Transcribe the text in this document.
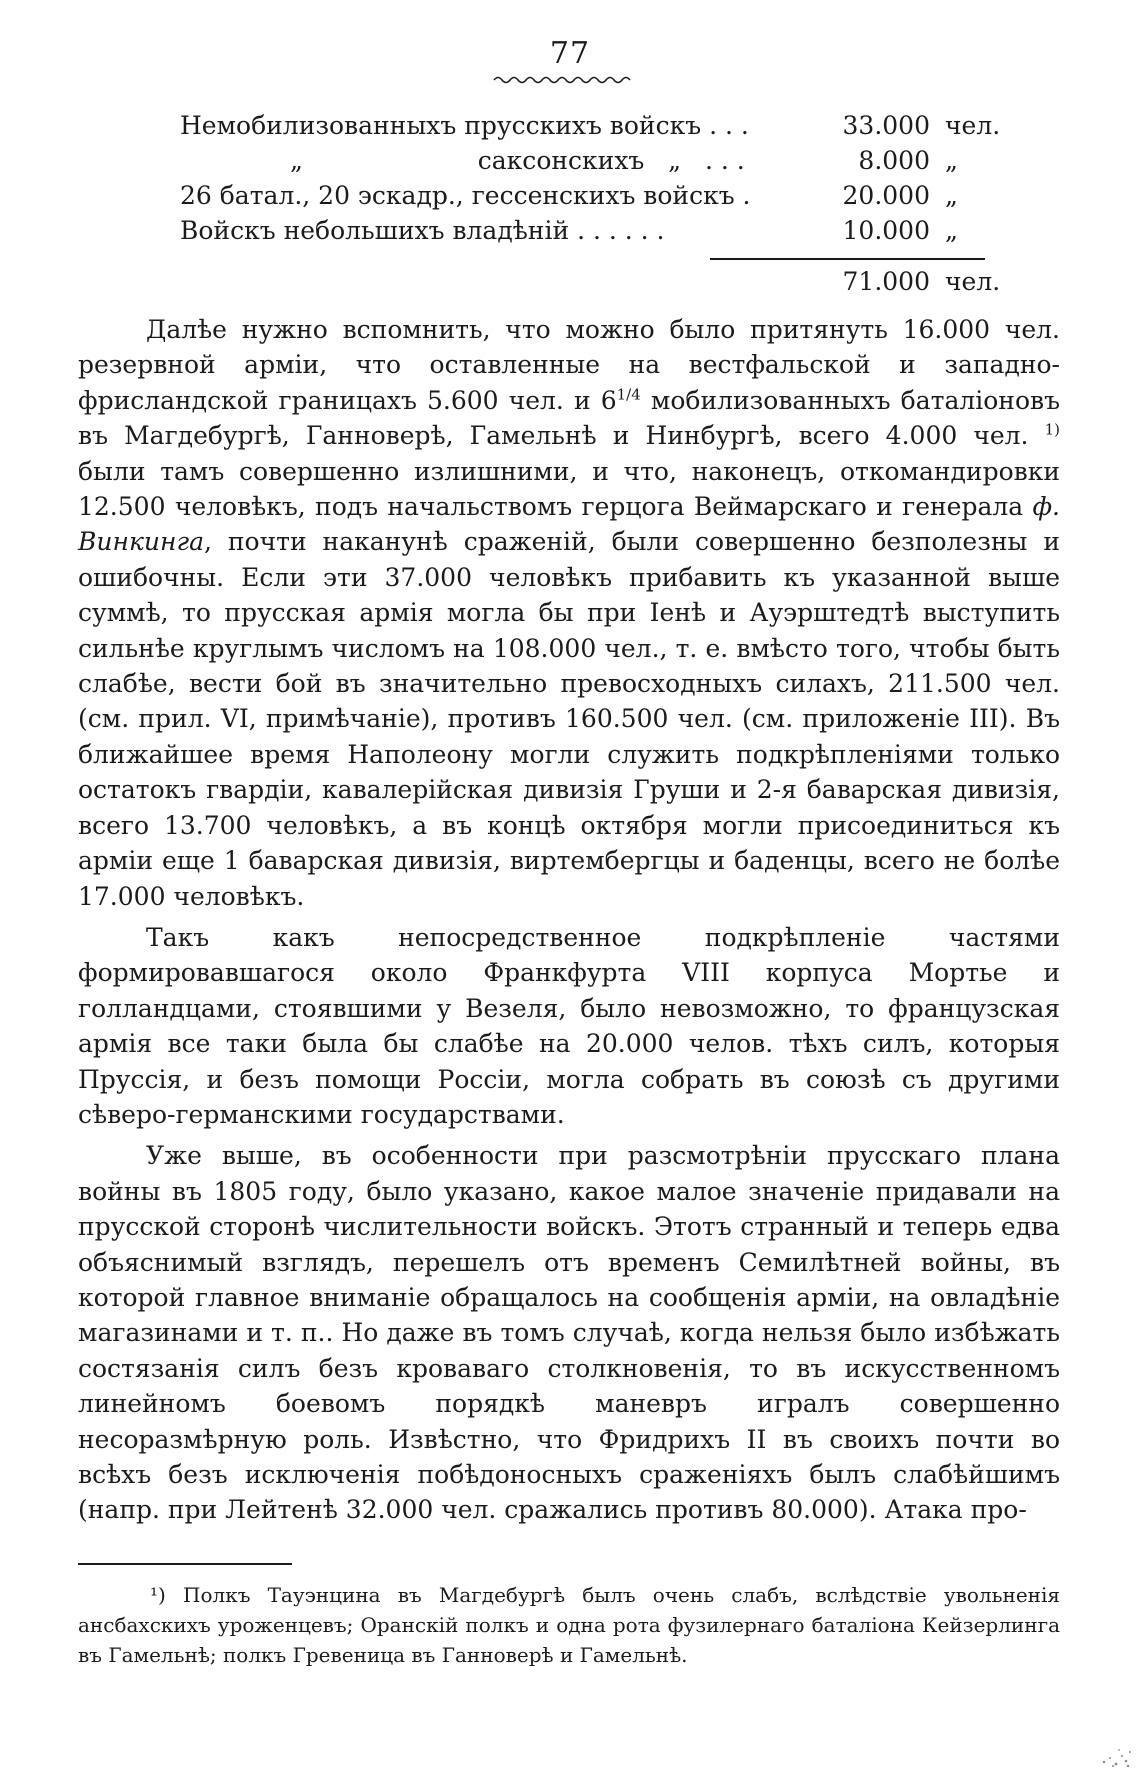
77
Немобилизованныхъ прусскихъ войскъ . . .	33.000 чел.
„                      саксонскихъ   „   . . .	8.000 „
26 батал., 20 эскадр., гессенскихъ войскъ .	20.000 „
Войскъ небольшихъ владѣній . . . . . .	10.000 „
71.000 чел.

Далѣе нужно вспомнить, что можно было притянуть 16.000 чел. резервной арміи, что оставленные на вестфальской и западно-фрисландской границахъ 5.600 чел. и $6^{1/4}$ мобилизованныхъ баталіоновъ въ Магдебургѣ, Ганноверѣ, Гамельнѣ и Нинбургѣ, всего 4.000 чел. $^{1)}$ были тамъ совершенно излишними, и что, наконецъ, откомандировки 12.500 человѣкъ, подъ начальствомъ герцога Веймарскаго и генерала ф. Винкинга, почти наканунѣ сраженій, были совершенно безполезны и ошибочны. Если эти 37.000 человѣкъ прибавить къ указанной выше суммѣ, то прусская армія могла бы при Іенѣ и Ауэрштедтѣ выступить сильнѣе круглымъ числомъ на 108.000 чел., т. е. вмѣсто того, чтобы быть слабѣе, вести бой въ значительно превосходныхъ силахъ, 211.500 чел. (см. прил. VI, примѣчаніе), противъ 160.500 чел. (см. приложеніе III). Въ ближайшее время Наполеону могли служить подкрѣпленіями только остатокъ гвардіи, кавалерійская дивизія Груши и 2-я баварская дивизія, всего 13.700 человѣкъ, а въ концѣ октября могли присоединиться къ арміи еще 1 баварская дивизія, виртембергцы и баденцы, всего не болѣе 17.000 человѣкъ.

Такъ какъ непосредственное подкрѣпленіе частями формировавшагося около Франкфурта VIII корпуса Мортье и голландцами, стоявшими у Везеля, было невозможно, то французская армія все таки была бы слабѣе на 20.000 челов. тѣхъ силъ, которыя Пруссія, и безъ помощи Россіи, могла собрать въ союзѣ съ другими сѣверо-германскими государствами.

Уже выше, въ особенности при разсмотрѣніи прусскаго плана войны въ 1805 году, было указано, какое малое значеніе придавали на прусской сторонѣ числительности войскъ. Этотъ странный и теперь едва объяснимый взглядъ, перешелъ отъ временъ Семилѣтней войны, въ которой главное вниманіе обращалось на сообщенія арміи, на овладѣніе магазинами и т. п.. Но даже въ томъ случаѣ, когда нельзя было избѣжать состязанія силъ безъ кроваваго столкновенія, то въ искусственномъ линейномъ боевомъ порядкѣ маневръ игралъ совершенно несоразмѣрную роль. Извѣстно, что Фридрихъ II въ своихъ почти во всѣхъ безъ исключенія побѣдоносныхъ сраженіяхъ былъ слабѣйшимъ (напр. при Лейтенѣ 32.000 чел. сражались противъ 80.000). Атака про-

¹) Полкъ Тауэнцина въ Магдебургѣ былъ очень слабъ, вслѣдствіе увольненія ансбахскихъ уроженцевъ; Оранскій полкъ и одна рота фузилернаго баталіона Кейзерлинга въ Гамельнѣ; полкъ Гревеница въ Ганноверѣ и Гамельнѣ.
